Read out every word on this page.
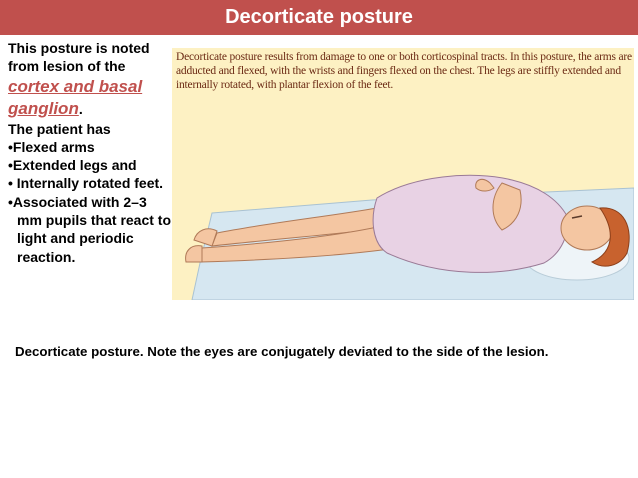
Decorticate posture
This posture is noted
from lesion of the
cortex and basal
ganglion.
The patient has
•Flexed arms
•Extended legs and
• Internally rotated feet.
•Associated with 2–3 mm pupils that react to light and periodic reaction.
Decorticate posture results from damage to one or both corticospinal tracts. In this posture, the arms are adducted and flexed, with the wrists and fingers flexed on the chest. The legs are stiffly extended and internally rotated, with plantar flexion of the feet.
Decorticate posture. Note the eyes are conjugately deviated to the side of the lesion.
